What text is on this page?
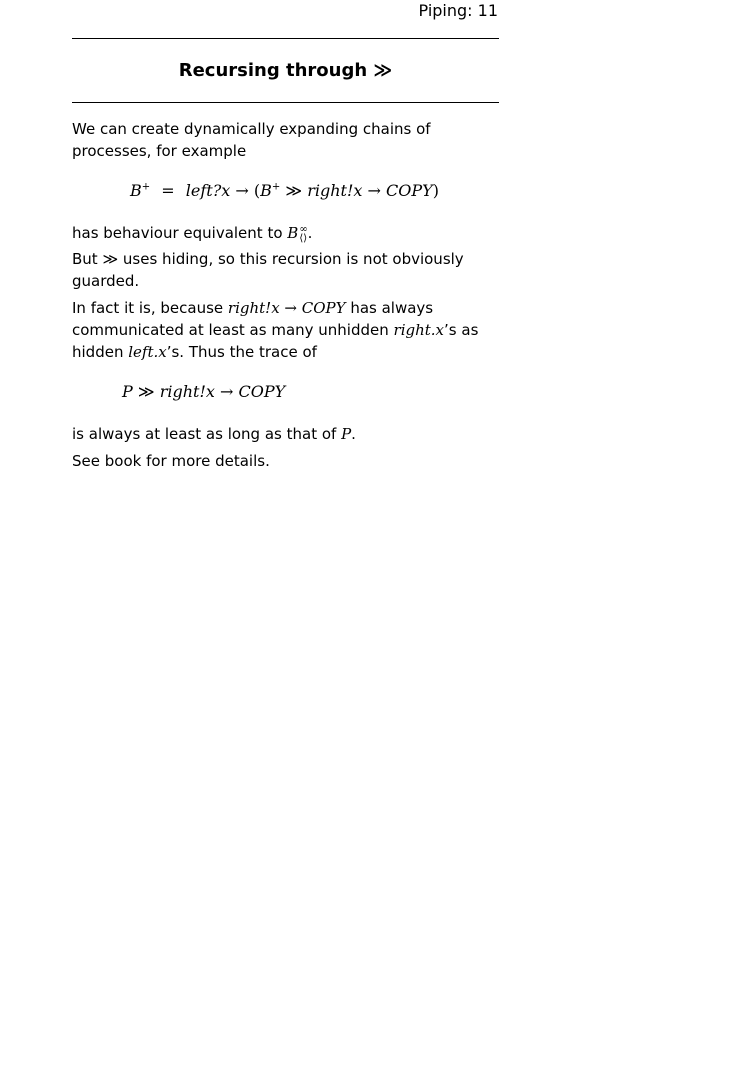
Piping: 11
Recursing through ≫
We can create dynamically expanding chains of processes, for example
B+ = left?x → (B+ ≫ right!x → COPY)
has behaviour equivalent to B ∞
⟨⟩ .
But ≫ uses hiding, so this recursion is not obviously guarded.
In fact it is, because right!x → COPY has always communicated at least as many unhidden right.x’s as hidden left.x’s. Thus the trace of
P ≫ right!x → COPY
is always at least as long as that of P.
See book for more details.
